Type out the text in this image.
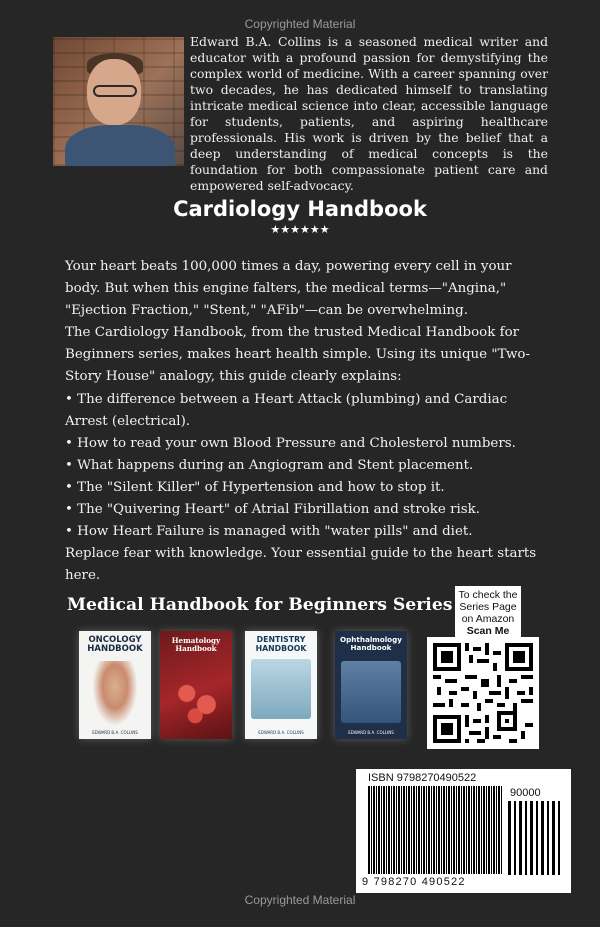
Copyrighted Material
Edward B.A. Collins is a seasoned medical writer and educator with a profound passion for demystifying the complex world of medicine. With a career spanning over two decades, he has dedicated himself to translating intricate medical science into clear, accessible language for students, patients, and aspiring healthcare professionals. His work is driven by the belief that a deep understanding of medical concepts is the foundation for both compassionate patient care and empowered self-advocacy.
Cardiology Handbook
★★★★★★

Your heart beats 100,000 times a day, powering every cell in your body. But when this engine falters, the medical terms—"Angina," "Ejection Fraction," "Stent," "AFib"—can be overwhelming.

The Cardiology Handbook, from the trusted Medical Handbook for Beginners series, makes heart health simple. Using its unique "Two-Story House" analogy, this guide clearly explains:

• The difference between a Heart Attack (plumbing) and Cardiac Arrest (electrical).

• How to read your own Blood Pressure and Cholesterol numbers.

• What happens during an Angiogram and Stent placement.

• The "Silent Killer" of Hypertension and how to stop it.

• The "Quivering Heart" of Atrial Fibrillation and stroke risk.

• How Heart Failure is managed with "water pills" and diet.

Replace fear with knowledge. Your essential guide to the heart starts here.

Medical Handbook for Beginners Series To check the Series Page on Amazon
Scan Me
ONCOLOGY HANDBOOK
EDWARD B.A. COLLINS
Hematology Handbook
DENTISTRY HANDBOOK
EDWARD B.A. COLLINS
Ophthalmology Handbook
EDWARD B.A. COLLINS
ISBN 9798270490522
90000
9 798270 490522
Copyrighted Material
